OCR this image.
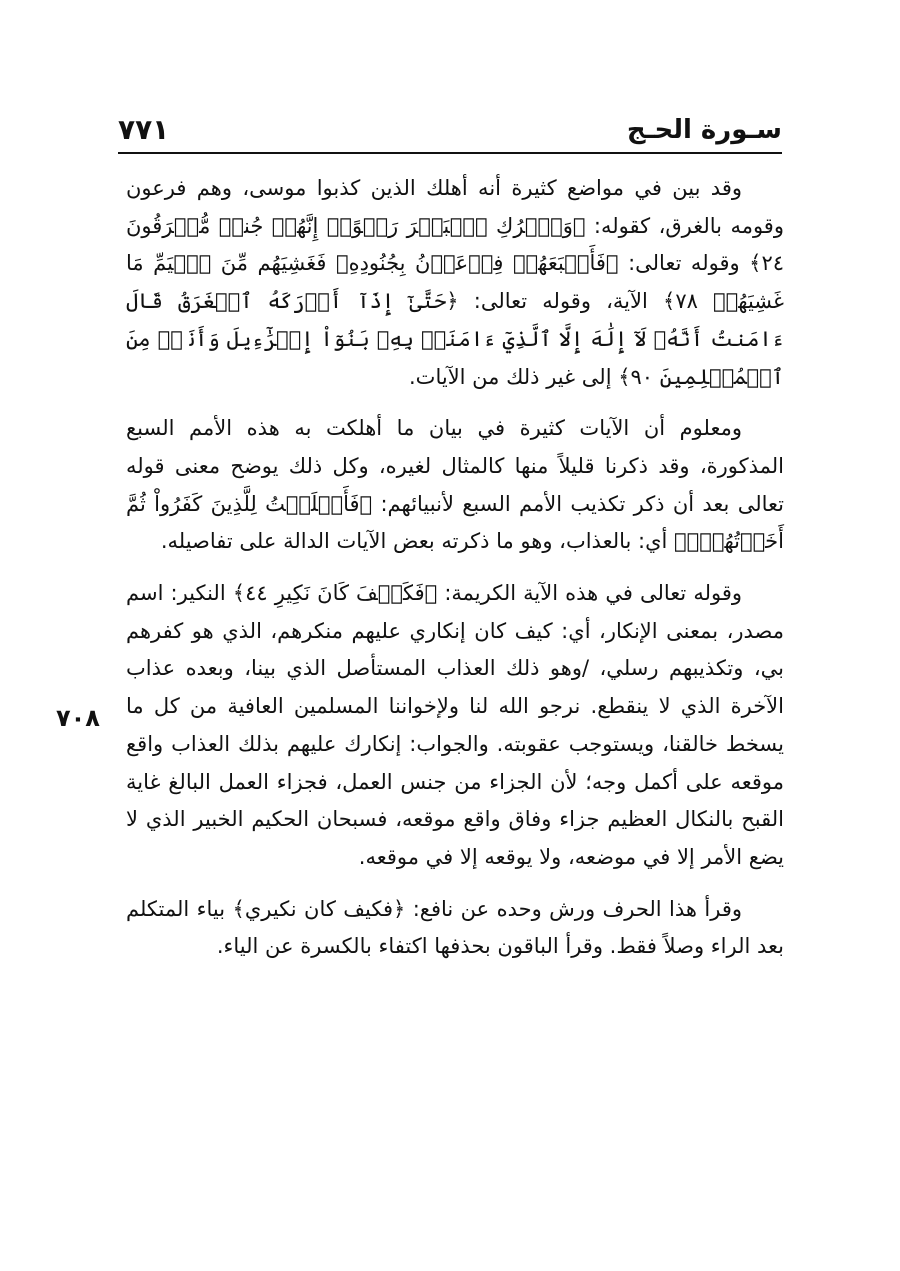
سـورة الحـج
٧٧١

وقد بين في مواضع كثيرة أنه أهلك الذين كذبوا موسى، وهم فرعون وقومه بالغرق، كقوله: ﴿وَٱتۡرُكِ ٱلۡبَحۡرَ رَهۡوًاۖ إِنَّهُمۡ جُندٞ مُّغۡرَقُونَ ٢٤﴾ وقوله تعالى: ﴿فَأَتۡبَعَهُمۡ فِرۡعَوۡنُ بِجُنُودِهِۦ فَغَشِيَهُم مِّنَ ٱلۡيَمِّ مَا غَشِيَهُمۡ ٧٨﴾ الآية، وقوله تعالى: ﴿حَتَّىٰٓ إِذَآ أَدۡرَكَهُ ٱلۡغَرَقُ قَالَ ءَامَنتُ أَنَّهُۥ لَآ إِلَٰهَ إِلَّا ٱلَّذِيٓ ءَامَنَتۡ بِهِۦ بَنُوٓاْ إِسۡرَٰٓءِيلَ وَأَنَا۠ مِنَ ٱلۡمُسۡلِمِينَ ٩٠﴾ إلى غير ذلك من الآيات.

ومعلوم أن الآيات كثيرة في بيان ما أهلكت به هذه الأمم السبع المذكورة، وقد ذكرنا قليلاً منها كالمثال لغيره، وكل ذلك يوضح معنى قوله تعالى بعد أن ذكر تكذيب الأمم السبع لأنبيائهم: ﴿فَأَمۡلَيۡتُ لِلَّذِينَ كَفَرُواْ ثُمَّ أَخَذۡتُهُمۡۖ﴾ أي: بالعذاب، وهو ما ذكرته بعض الآيات الدالة على تفاصيله.

وقوله تعالى في هذه الآية الكريمة: ﴿فَكَيۡفَ كَانَ نَكِيرِ ٤٤﴾ النكير: اسم مصدر، بمعنى الإنكار، أي: كيف كان إنكاري عليهم منكرهم، الذي هو كفرهم بي، وتكذيبهم رسلي، /وهو ذلك العذاب المستأصل الذي بينا، وبعده عذاب الآخرة الذي لا ينقطع. نرجو الله لنا ولإخواننا المسلمين العافية من كل ما يسخط خالقنا، ويستوجب عقوبته. والجواب: إنكارك عليهم بذلك العذاب واقع موقعه على أكمل وجه؛ لأن الجزاء من جنس العمل، فجزاء العمل البالغ غاية القبح بالنكال العظيم جزاء وفاق واقع موقعه، فسبحان الحكيم الخبير الذي لا يضع الأمر إلا في موضعه، ولا يوقعه إلا في موقعه.

وقرأ هذا الحرف ورش وحده عن نافع: ﴿فكيف كان نكيري﴾ بياء المتكلم بعد الراء وصلاً فقط. وقرأ الباقون بحذفها اكتفاء بالكسرة عن الياء.

٧٠٨
